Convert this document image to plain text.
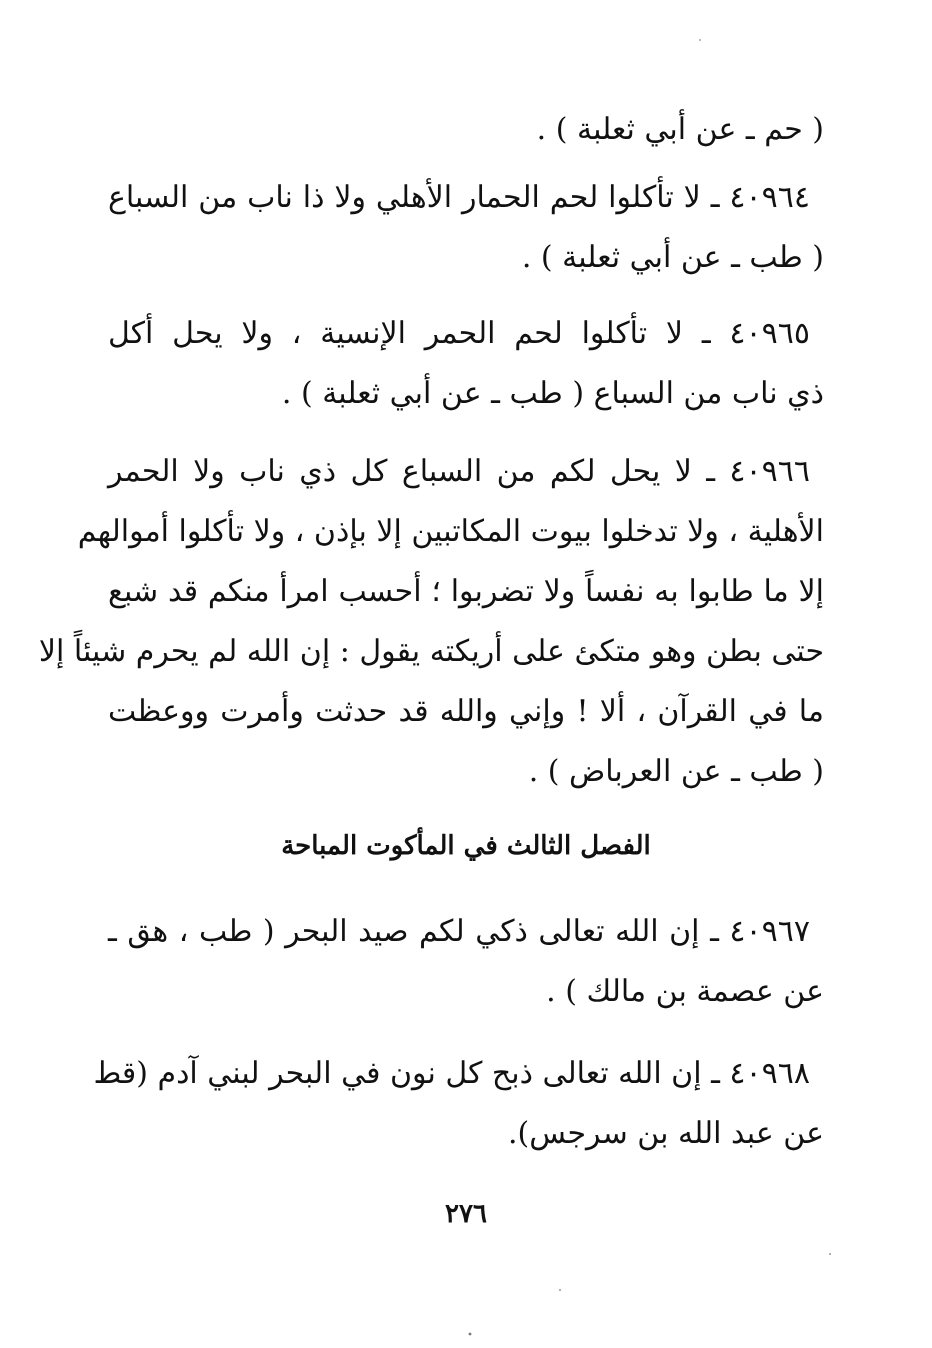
( حم ـ عن أبي ثعلبة ) .
٤٠٩٦٤ ـ لا تأكلوا لحم الحمار الأهلي ولا ذا ناب من السباع
( طب ـ عن أبي ثعلبة ) .
٤٠٩٦٥ ـ لا تأكلوا لحم الحمر الإنسية ، ولا يحل أكل
ذي ناب من السباع ( طب ـ عن أبي ثعلبة ) .
٤٠٩٦٦ ـ لا يحل لكم من السباع كل ذي ناب ولا الحمر
الأهلية ، ولا تدخلوا بيوت المكاتبين إلا بإذن ، ولا تأكلوا أموالهم
إلا ما طابوا به نفساً ولا تضربوا ؛ أحسب امرأ منكم قد شبع
حتى بطن وهو متكئ على أريكته يقول : إن الله لم يحرم شيئاً إلا
ما في القرآن ، ألا ! وإني والله قد حدثت وأمرت ووعظت
( طب ـ عن العرباض ) .
الفصل الثالث في المأكوت المباحة
٤٠٩٦٧ ـ إن الله تعالى ذكي لكم صيد البحر ( طب ، هق ـ
عن عصمة بن مالك ) .
٤٠٩٦٨ ـ إن الله تعالى ذبح كل نون في البحر لبني آدم (قط
عن عبد الله بن سرجس).
٢٧٦
